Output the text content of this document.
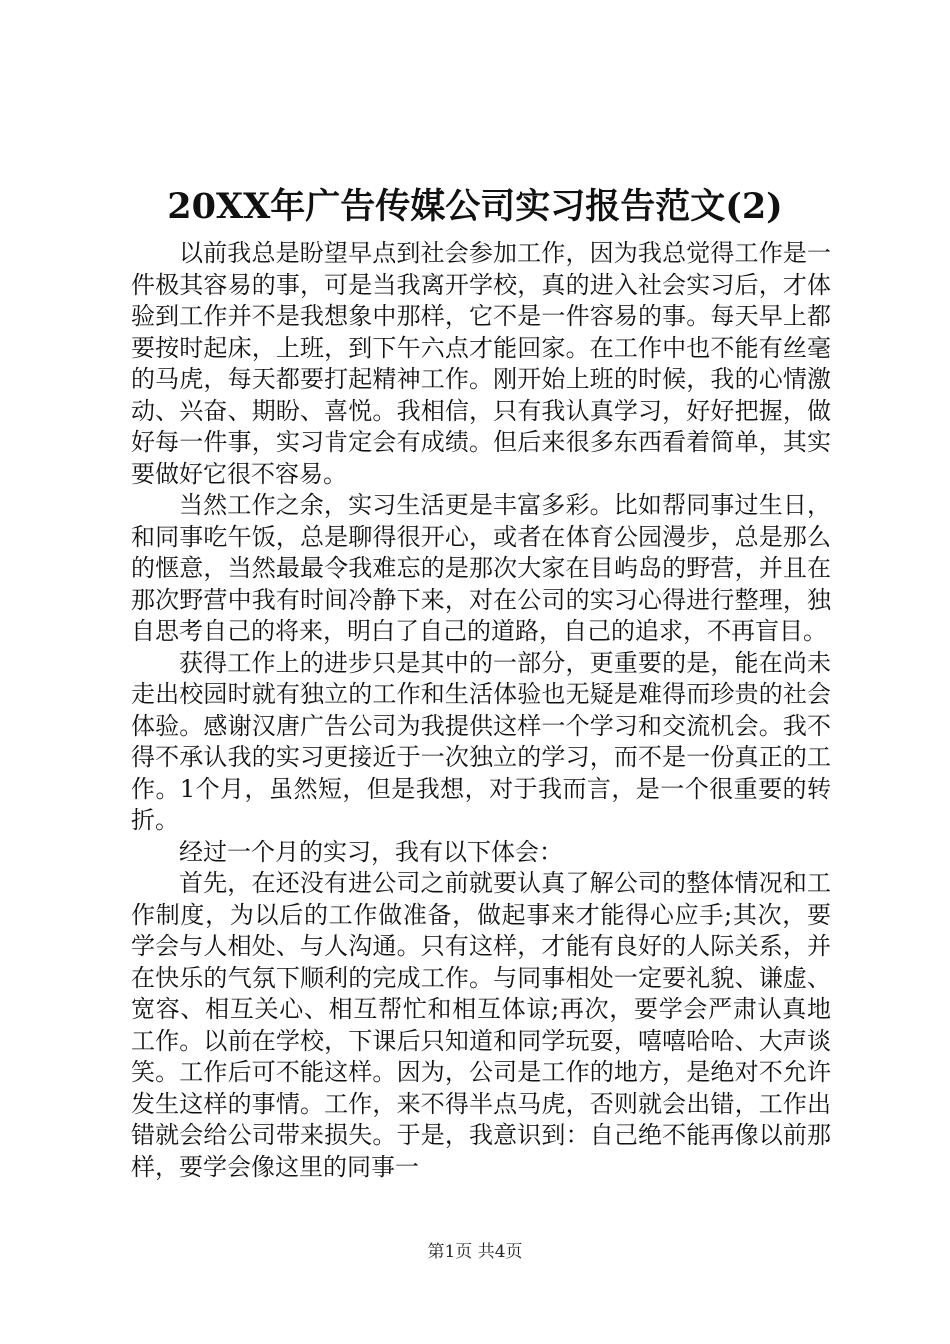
20XX年广告传媒公司实习报告范文(2)

以前我总是盼望早点到社会参加工作，因为我总觉得工作是一件极其容易的事，可是当我离开学校，真的进入社会实习后，才体验到工作并不是我想象中那样，它不是一件容易的事。每天早上都要按时起床，上班，到下午六点才能回家。在工作中也不能有丝毫的马虎，每天都要打起精神工作。刚开始上班的时候，我的心情激动、兴奋、期盼、喜悦。我相信，只有我认真学习，好好把握，做好每一件事，实习肯定会有成绩。但后来很多东西看着简单，其实要做好它很不容易。

当然工作之余，实习生活更是丰富多彩。比如帮同事过生日，和同事吃午饭，总是聊得很开心，或者在体育公园漫步，总是那么的惬意，当然最最令我难忘的是那次大家在目屿岛的野营，并且在那次野营中我有时间冷静下来，对在公司的实习心得进行整理，独自思考自己的将来，明白了自己的道路，自己的追求，不再盲目。

获得工作上的进步只是其中的一部分，更重要的是，能在尚未走出校园时就有独立的工作和生活体验也无疑是难得而珍贵的社会体验。感谢汉唐广告公司为我提供这样一个学习和交流机会。我不得不承认我的实习更接近于一次独立的学习，而不是一份真正的工作。1个月，虽然短，但是我想，对于我而言，是一个很重要的转折。

经过一个月的实习，我有以下体会：

首先，在还没有进公司之前就要认真了解公司的整体情况和工作制度，为以后的工作做准备，做起事来才能得心应手;其次，要学会与人相处、与人沟通。只有这样，才能有良好的人际关系，并在快乐的气氛下顺利的完成工作。与同事相处一定要礼貌、谦虚、宽容、相互关心、相互帮忙和相互体谅;再次，要学会严肃认真地工作。以前在学校，下课后只知道和同学玩耍，嘻嘻哈哈、大声谈笑。工作后可不能这样。因为，公司是工作的地方，是绝对不允许发生这样的事情。工作，来不得半点马虎，否则就会出错，工作出错就会给公司带来损失。于是，我意识到：自己绝不能再像以前那样，要学会像这里的同事一

第1页 共4页
